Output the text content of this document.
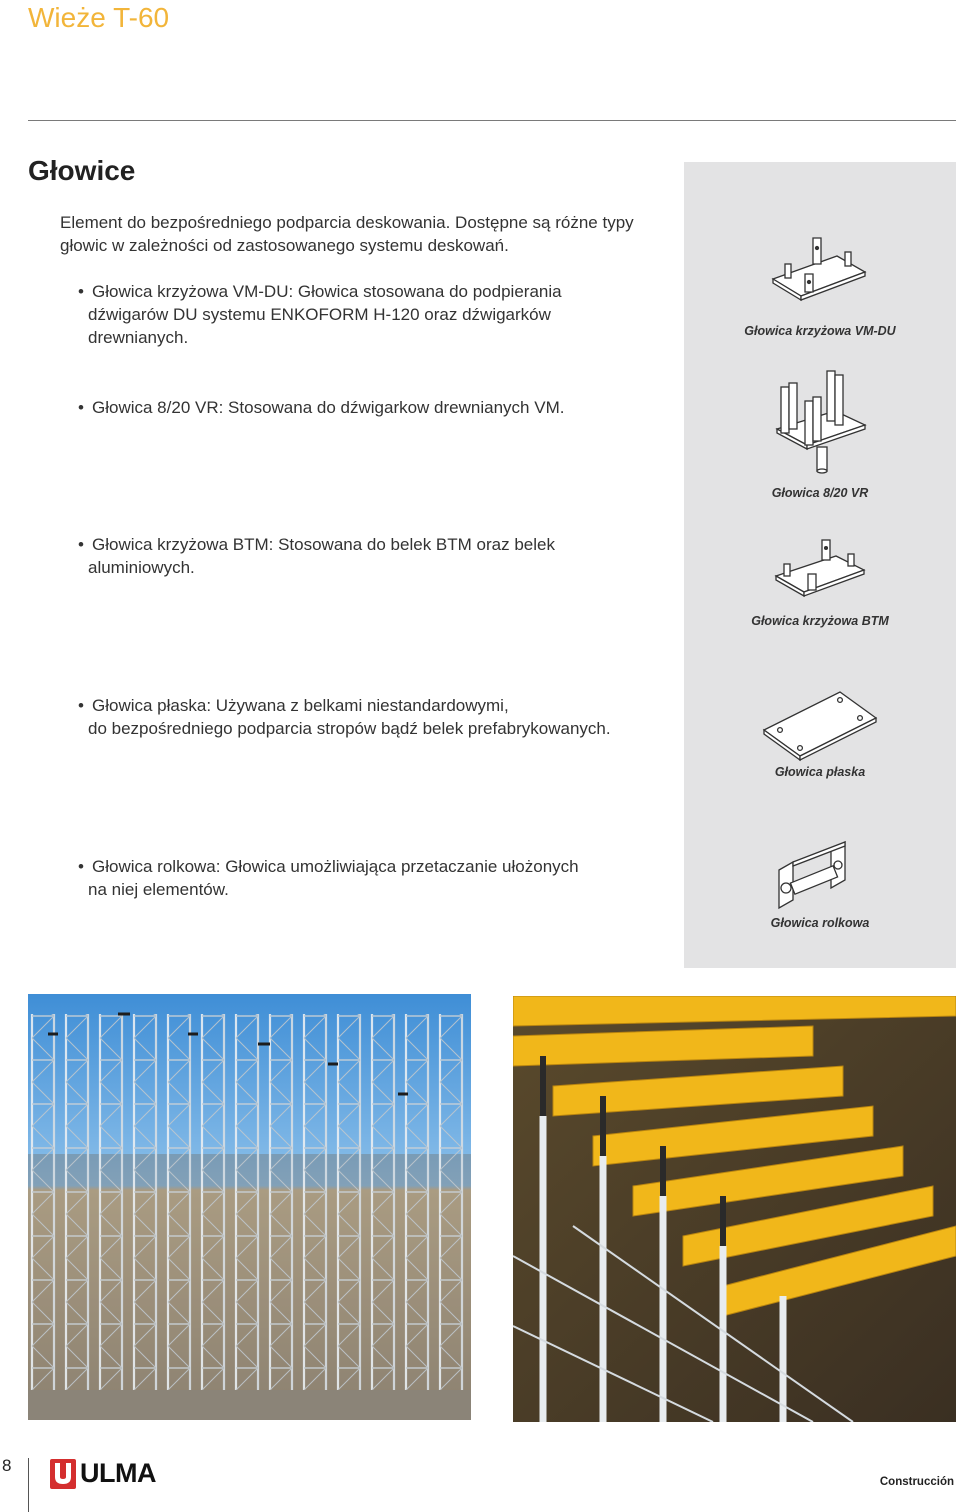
Wieże T-60
Głowice
Element do bezpośredniego podparcia deskowania. Dostępne są różne typy głowic w zależności od zastosowanego systemu deskowań.
• Głowica krzyżowa VM-DU: Głowica stosowana do podpierania
dźwigarów DU systemu ENKOFORM H-120 oraz dźwigarków
drewnianych.
• Głowica 8/20 VR: Stosowana do dźwigarkow drewnianych VM.
• Głowica krzyżowa BTM: Stosowana do belek BTM oraz belek
aluminiowych.
• Głowica płaska: Używana z belkami niestandardowymi,
do bezpośredniego podparcia stropów bądź belek prefabrykowanych.
• Głowica rolkowa: Głowica umożliwiająca przetaczanie ułożonych
na niej elementów.
Głowica krzyżowa VM-DU
Głowica 8/20 VR
Głowica krzyżowa BTM
Głowica płaska
Głowica rolkowa
8	ULMA	Construcción
